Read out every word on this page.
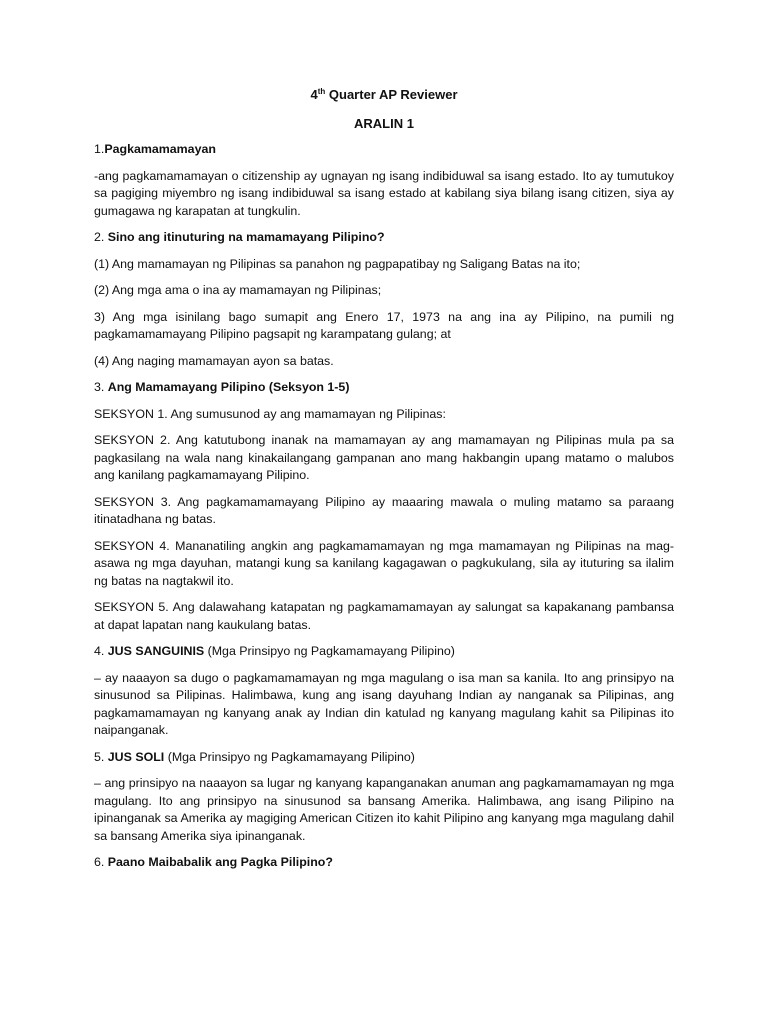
4th Quarter AP Reviewer
ARALIN 1

1.Pagkamamamayan

-ang pagkamamamayan o citizenship ay ugnayan ng isang indibiduwal sa isang estado. Ito ay tumutukoy sa pagiging miyembro ng isang indibiduwal sa isang estado at kabilang siya bilang isang citizen, siya ay gumagawa ng karapatan at tungkulin.

2. Sino ang itinuturing na mamamayang Pilipino?

(1) Ang mamamayan ng Pilipinas sa panahon ng pagpapatibay ng Saligang Batas na ito;

(2) Ang mga ama o ina ay mamamayan ng Pilipinas;

3) Ang mga isinilang bago sumapit ang Enero 17, 1973 na ang ina ay Pilipino, na pumili ng pagkamamamayang Pilipino pagsapit ng karampatang gulang; at

(4) Ang naging mamamayan ayon sa batas.

3. Ang Mamamayang Pilipino (Seksyon 1-5)

SEKSYON 1. Ang sumusunod ay ang mamamayan ng Pilipinas:

SEKSYON 2. Ang katutubong inanak na mamamayan ay ang mamamayan ng Pilipinas mula pa sa pagkasilang na wala nang kinakailangang gampanan ano mang hakbangin upang matamo o malubos ang kanilang pagkamamayang Pilipino.

SEKSYON 3. Ang pagkamamamayang Pilipino ay maaaring mawala o muling matamo sa paraang itinatadhana ng batas.

SEKSYON 4. Mananatiling angkin ang pagkamamamayan ng mga mamamayan ng Pilipinas na mag-asawa ng mga dayuhan, matangi kung sa kanilang kagagawan o pagkukulang, sila ay ituturing sa ilalim ng batas na nagtakwil ito.

SEKSYON 5. Ang dalawahang katapatan ng pagkamamamayan ay salungat sa kapakanang pambansa at dapat lapatan nang kaukulang batas.

4. JUS SANGUINIS (Mga Prinsipyo ng Pagkamamayang Pilipino)

– ay naaayon sa dugo o pagkamamamayan ng mga magulang o isa man sa kanila. Ito ang prinsipyo na sinusunod sa Pilipinas. Halimbawa, kung ang isang dayuhang Indian ay nanganak sa Pilipinas, ang pagkamamamayan ng kanyang anak ay Indian din katulad ng kanyang magulang kahit sa Pilipinas ito naipanganak.

5. JUS SOLI (Mga Prinsipyo ng Pagkamamayang Pilipino)

– ang prinsipyo na naaayon sa lugar ng kanyang kapanganakan anuman ang pagkamamamayan ng mga magulang. Ito ang prinsipyo na sinusunod sa bansang Amerika. Halimbawa, ang isang Pilipino na ipinanganak sa Amerika ay magiging American Citizen ito kahit Pilipino ang kanyang mga magulang dahil sa bansang Amerika siya ipinanganak.

6. Paano Maibabalik ang Pagka Pilipino?
